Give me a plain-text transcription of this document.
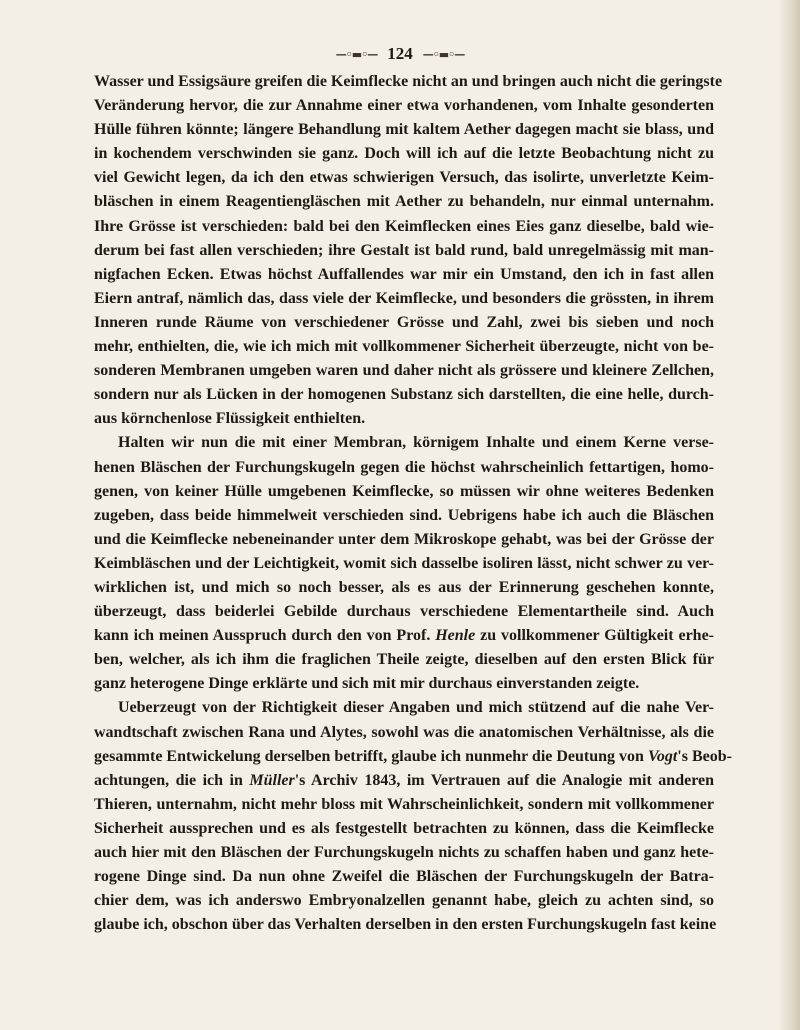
—◦▬◦— 124 —◦▬◦—
Wasser und Essigsäure greifen die Keimflecke nicht an und bringen auch nicht die geringste
Veränderung hervor, die zur Annahme einer etwa vorhandenen, vom Inhalte gesonderten
Hülle führen könnte; längere Behandlung mit kaltem Aether dagegen macht sie blass, und
in kochendem verschwinden sie ganz. Doch will ich auf die letzte Beobachtung nicht zu
viel Gewicht legen, da ich den etwas schwierigen Versuch, das isolirte, unverletzte Keim-
bläschen in einem Reagentiengläschen mit Aether zu behandeln, nur einmal unternahm.
Ihre Grösse ist verschieden: bald bei den Keimflecken eines Eies ganz dieselbe, bald wie-
derum bei fast allen verschieden; ihre Gestalt ist bald rund, bald unregelmässig mit man-
nigfachen Ecken. Etwas höchst Auffallendes war mir ein Umstand, den ich in fast allen
Eiern antraf, nämlich das, dass viele der Keimflecke, und besonders die grössten, in ihrem
Inneren runde Räume von verschiedener Grösse und Zahl, zwei bis sieben und noch
mehr, enthielten, die, wie ich mich mit vollkommener Sicherheit überzeugte, nicht von be-
sonderen Membranen umgeben waren und daher nicht als grössere und kleinere Zellchen,
sondern nur als Lücken in der homogenen Substanz sich darstellten, die eine helle, durch-
aus körnchenlose Flüssigkeit enthielten.
Halten wir nun die mit einer Membran, körnigem Inhalte und einem Kerne verse-
henen Bläschen der Furchungskugeln gegen die höchst wahrscheinlich fettartigen, homo-
genen, von keiner Hülle umgebenen Keimflecke, so müssen wir ohne weiteres Bedenken
zugeben, dass beide himmelweit verschieden sind. Uebrigens habe ich auch die Bläschen
und die Keimflecke nebeneinander unter dem Mikroskope gehabt, was bei der Grösse der
Keimbläschen und der Leichtigkeit, womit sich dasselbe isoliren lässt, nicht schwer zu ver-
wirklichen ist, und mich so noch besser, als es aus der Erinnerung geschehen konnte,
überzeugt, dass beiderlei Gebilde durchaus verschiedene Elementartheile sind. Auch
kann ich meinen Ausspruch durch den von Prof. Henle zu vollkommener Gültigkeit erhe-
ben, welcher, als ich ihm die fraglichen Theile zeigte, dieselben auf den ersten Blick für
ganz heterogene Dinge erklärte und sich mit mir durchaus einverstanden zeigte.
Ueberzeugt von der Richtigkeit dieser Angaben und mich stützend auf die nahe Ver-
wandtschaft zwischen Rana und Alytes, sowohl was die anatomischen Verhältnisse, als die
gesammte Entwickelung derselben betrifft, glaube ich nunmehr die Deutung von Vogt's Beob-
achtungen, die ich in Müller's Archiv 1843, im Vertrauen auf die Analogie mit anderen
Thieren, unternahm, nicht mehr bloss mit Wahrscheinlichkeit, sondern mit vollkommener
Sicherheit aussprechen und es als festgestellt betrachten zu können, dass die Keimflecke
auch hier mit den Bläschen der Furchungskugeln nichts zu schaffen haben und ganz hete-
rogene Dinge sind. Da nun ohne Zweifel die Bläschen der Furchungskugeln der Batra-
chier dem, was ich anderswo Embryonalzellen genannt habe, gleich zu achten sind, so
glaube ich, obschon über das Verhalten derselben in den ersten Furchungskugeln fast keine
